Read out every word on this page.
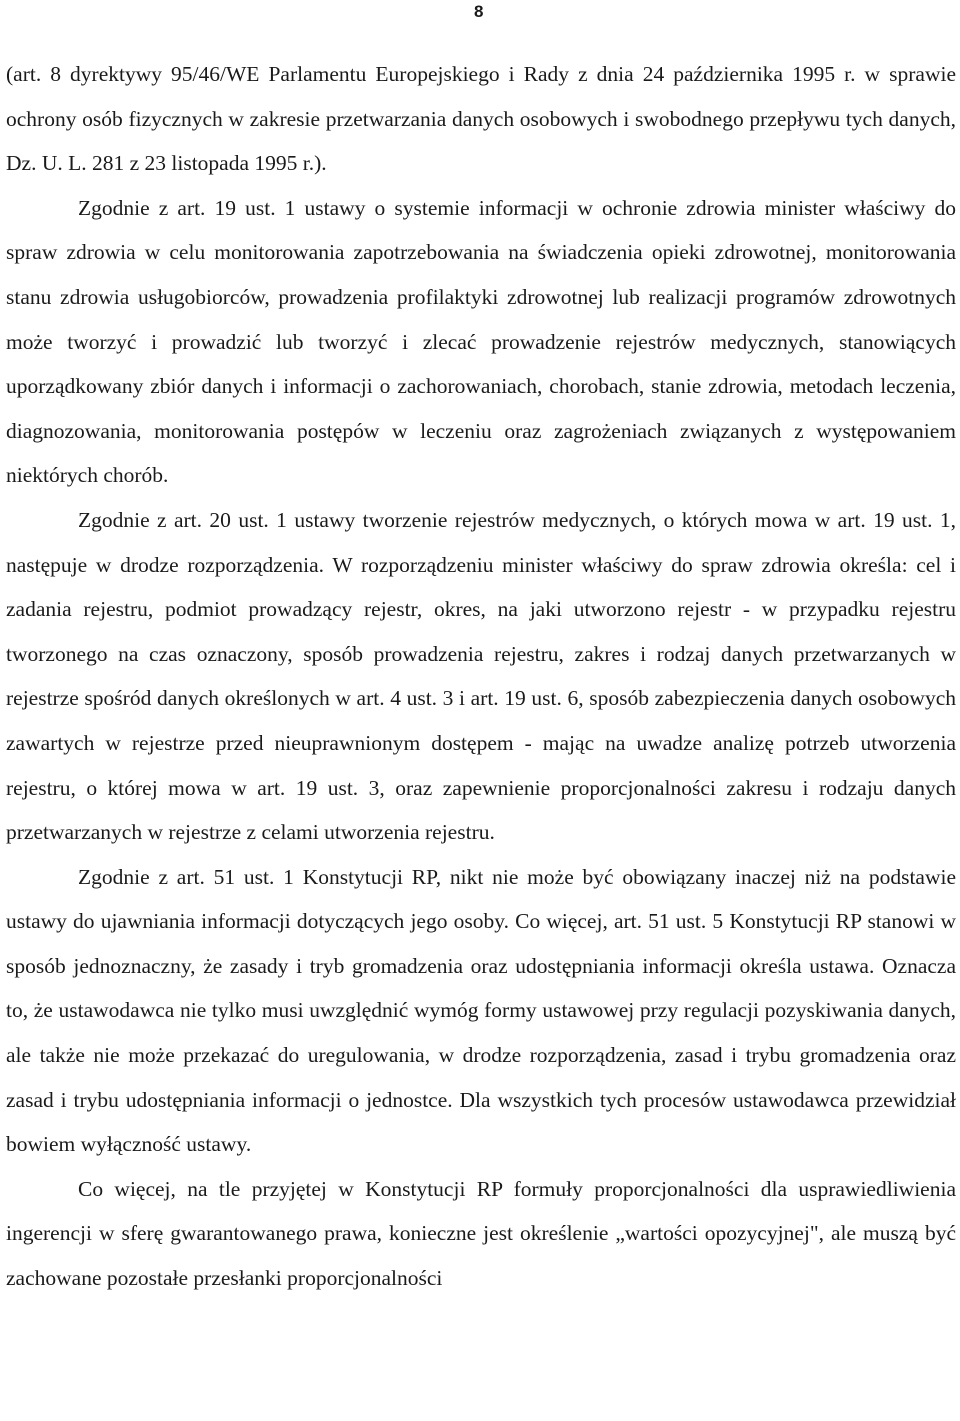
8

(art. 8 dyrektywy 95/46/WE Parlamentu Europejskiego i Rady z dnia 24 października 1995 r. w sprawie ochrony osób fizycznych w zakresie przetwarzania danych osobowych i swobodnego przepływu tych danych, Dz. U. L. 281 z 23 listopada 1995 r.).

Zgodnie z art. 19 ust. 1 ustawy o systemie informacji w ochronie zdrowia minister właściwy do spraw zdrowia w celu monitorowania zapotrzebowania na świadczenia opieki zdrowotnej, monitorowania stanu zdrowia usługobiorców, prowadzenia profilaktyki zdrowotnej lub realizacji programów zdrowotnych może tworzyć i prowadzić lub tworzyć i zlecać prowadzenie rejestrów medycznych, stanowiących uporządkowany zbiór danych i informacji o zachorowaniach, chorobach, stanie zdrowia, metodach leczenia, diagnozowania, monitorowania postępów w leczeniu oraz zagrożeniach związanych z występowaniem niektórych chorób.

Zgodnie z art. 20 ust. 1 ustawy tworzenie rejestrów medycznych, o których mowa w art. 19 ust. 1, następuje w drodze rozporządzenia. W rozporządzeniu minister właściwy do spraw zdrowia określa: cel i zadania rejestru, podmiot prowadzący rejestr, okres, na jaki utworzono rejestr - w przypadku rejestru tworzonego na czas oznaczony, sposób prowadzenia rejestru, zakres i rodzaj danych przetwarzanych w rejestrze spośród danych określonych w art. 4 ust. 3 i art. 19 ust. 6, sposób zabezpieczenia danych osobowych zawartych w rejestrze przed nieuprawnionym dostępem - mając na uwadze analizę potrzeb utworzenia rejestru, o której mowa w art. 19 ust. 3, oraz zapewnienie proporcjonalności zakresu i rodzaju danych przetwarzanych w rejestrze z celami utworzenia rejestru.

Zgodnie z art. 51 ust. 1 Konstytucji RP, nikt nie może być obowiązany inaczej niż na podstawie ustawy do ujawniania informacji dotyczących jego osoby. Co więcej, art. 51 ust. 5 Konstytucji RP stanowi w sposób jednoznaczny, że zasady i tryb gromadzenia oraz udostępniania informacji określa ustawa. Oznacza to, że ustawodawca nie tylko musi uwzględnić wymóg formy ustawowej przy regulacji pozyskiwania danych, ale także nie może przekazać do uregulowania, w drodze rozporządzenia, zasad i trybu gromadzenia oraz zasad i trybu udostępniania informacji o jednostce. Dla wszystkich tych procesów ustawodawca przewidział bowiem wyłączność ustawy.

Co więcej, na tle przyjętej w Konstytucji RP formuły proporcjonalności dla usprawiedliwienia ingerencji w sferę gwarantowanego prawa, konieczne jest określenie „wartości opozycyjnej", ale muszą być zachowane pozostałe przesłanki proporcjonalności
